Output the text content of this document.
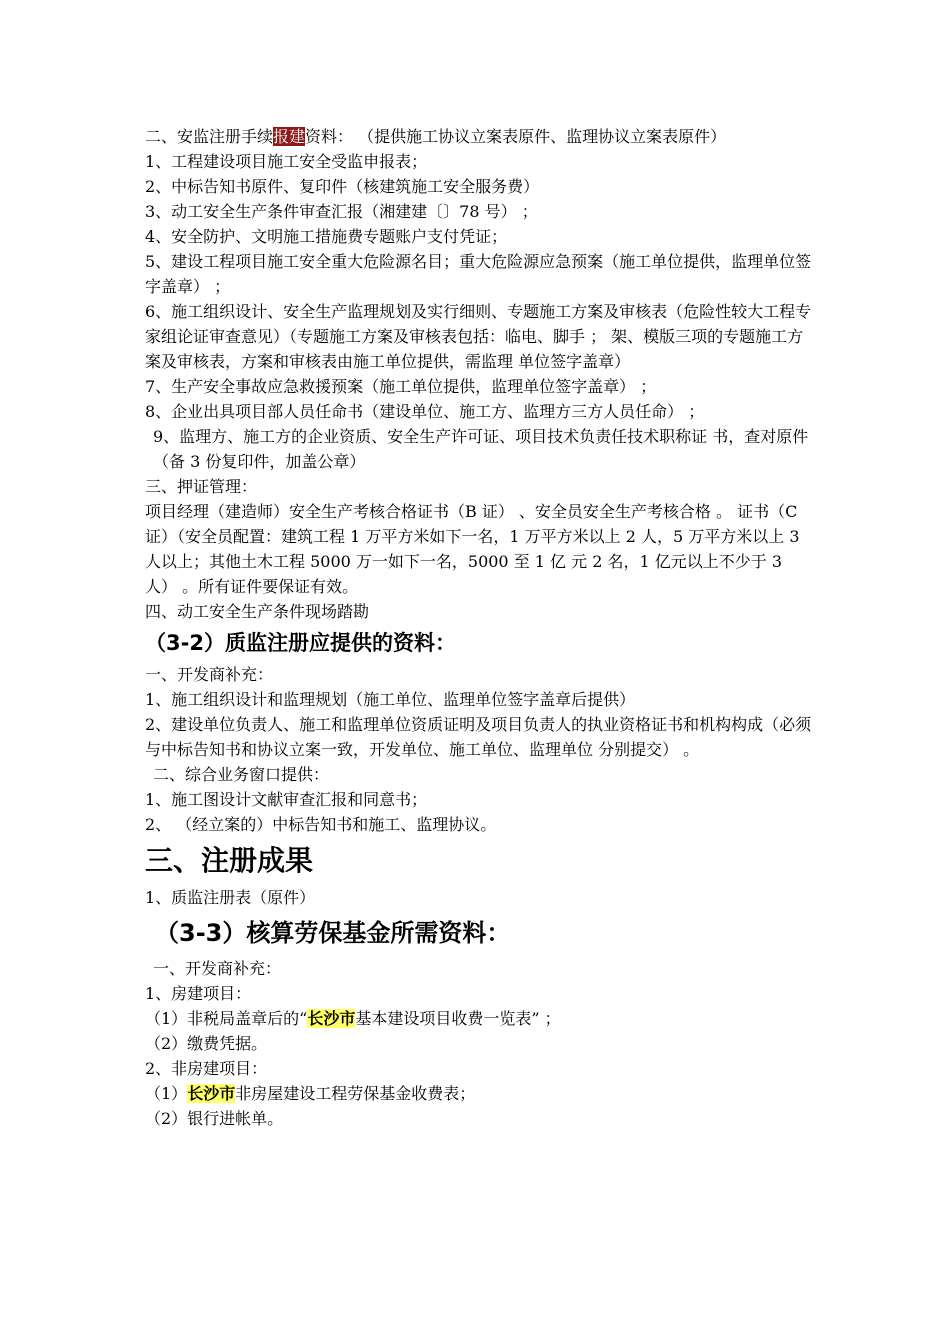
二、安监注册手续报建资料： （提供施工协议立案表原件、监理协议立案表原件）

1、工程建设项目施工安全受监申报表；

2、中标告知书原件、复印件（核建筑施工安全服务费）

3、动工安全生产条件审查汇报（湘建建〔〕78 号） ；

4、安全防护、文明施工措施费专题账户支付凭证；

5、建设工程项目施工安全重大危险源名目；重大危险源应急预案（施工单位提供，监理单位签字盖章） ；

6、施工组织设计、安全生产监理规划及实行细则、专题施工方案及审核表（危险性较大工程专家组论证审查意见）（专题施工方案及审核表包括：临电、脚手 ； 架、模版三项的专题施工方案及审核表，方案和审核表由施工单位提供，需监理 单位签字盖章）

7、生产安全事故应急救援预案（施工单位提供，监理单位签字盖章） ；

8、企业出具项目部人员任命书（建设单位、施工方、监理方三方人员任命） ；

9、监理方、施工方的企业资质、安全生产许可证、项目技术负责任技术职称证 书，查对原件（备 3 份复印件，加盖公章）

三、押证管理：

项目经理（建造师）安全生产考核合格证书（B 证） 、安全员安全生产考核合格 。 证书（C 证）（安全员配置：建筑工程 1 万平方米如下一名，1 万平方米以上 2 人，5 万平方米以上 3 人以上；其他土木工程 5000 万一如下一名，5000 至 1 亿 元 2 名，1 亿元以上不少于 3 人） 。所有证件要保证有效。

四、动工安全生产条件现场踏勘

（3-2）质监注册应提供的资料：

一、开发商补充：

1、施工组织设计和监理规划（施工单位、监理单位签字盖章后提供）

2、建设单位负责人、施工和监理单位资质证明及项目负责人的执业资格证书和机构构成（必须与中标告知书和协议立案一致，开发单位、施工单位、监理单位 分别提交） 。

二、综合业务窗口提供：

1、施工图设计文献审查汇报和同意书；

2、 （经立案的）中标告知书和施工、监理协议。

三、注册成果

1、质监注册表（原件）

（3-3）核算劳保基金所需资料：

一、开发商补充：

1、房建项目：

（1）非税局盖章后的“长沙市基本建设项目收费一览表” ；

（2）缴费凭据。

2、非房建项目：

（1）长沙市非房屋建设工程劳保基金收费表；

（2）银行进帐单。
